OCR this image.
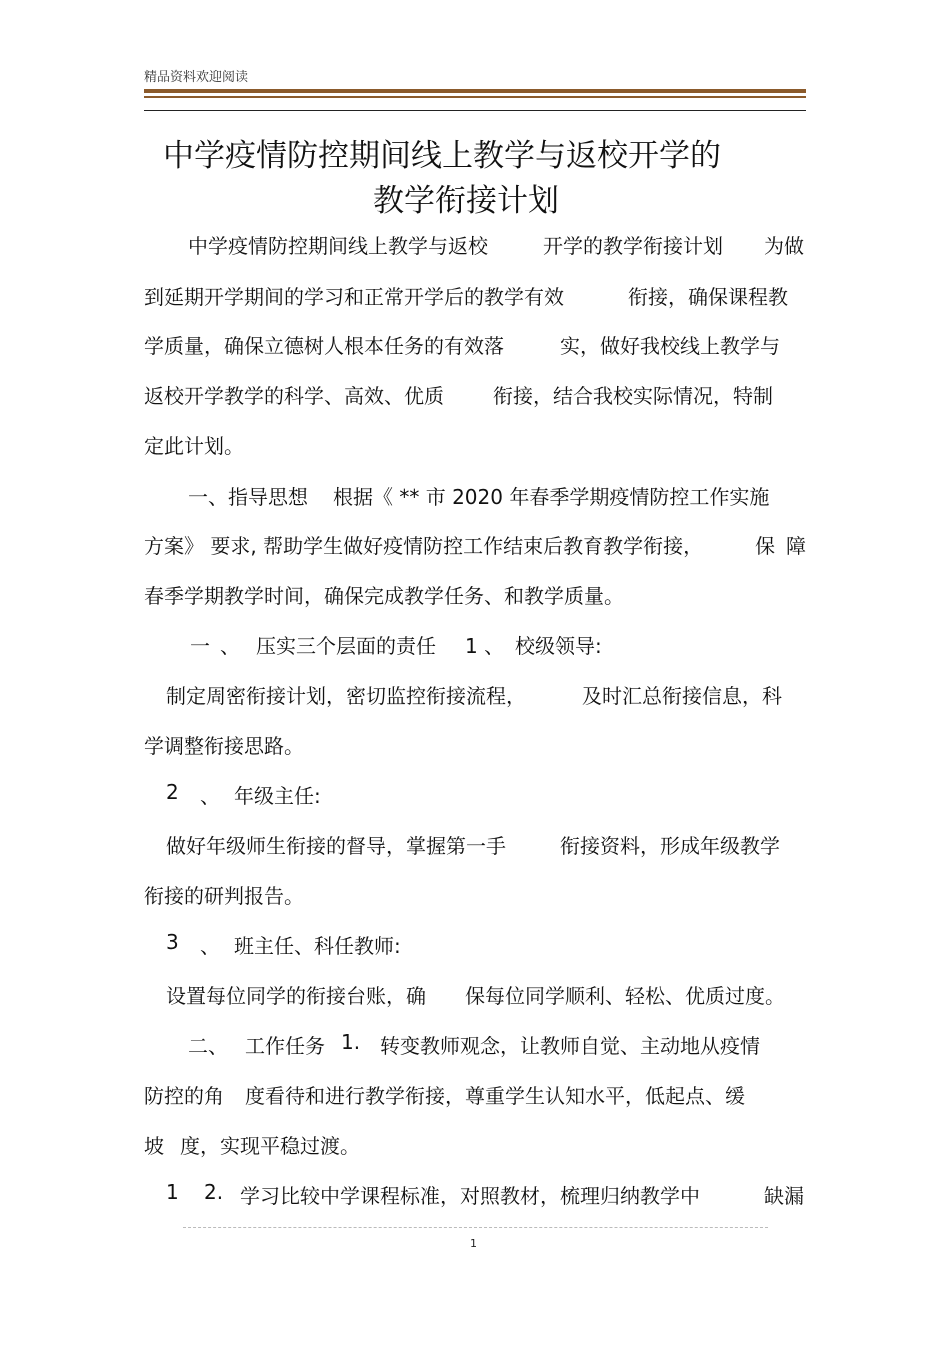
精品资料欢迎阅读
中学疫情防控期间线上教学与返校开学的
教学衔接计划
中学疫情防控期间线上教学与返校	开学的教学衔接计划 为做
到延期开学期间的学习和正常开学后的教学有效	衔接，确保课程教
学质量，确保立德树人根本任务的有效落	实，做好我校线上教学与
返校开学教学的科学、高效、优质 衔接，结合我校实际情况，特制
定此计划。
一、指导思想 根据《 ** 市 2020 年春季学期疫情防控工作实施
方案》 要求, 帮助学生做好疫情防控工作结束后教育教学衔接，	保 障
春季学期教学时间，确保完成教学任务、和教学质量。
一 、 压实三个层面的责任 1 、 校级领导:
制定周密衔接计划，密切监控衔接流程，	及时汇总衔接信息，科
学调整衔接思路。
2 、 年级主任:
做好年级师生衔接的督导，掌握第一手	衔接资料，形成年级教学
衔接的研判报告。
3 、 班主任、科任教师:
设置每位同学的衔接台账，确 保每位同学顺利、轻松、优质过度。
二、 工作任务 1. 转变教师观念，让教师自觉、主动地从疫情
防控的角 度看待和进行教学衔接，尊重学生认知水平，低起点、缓
坡 度，实现平稳过渡。
1 2. 学习比较中学课程标准，对照教材，梳理归纳教学中	缺漏
1
